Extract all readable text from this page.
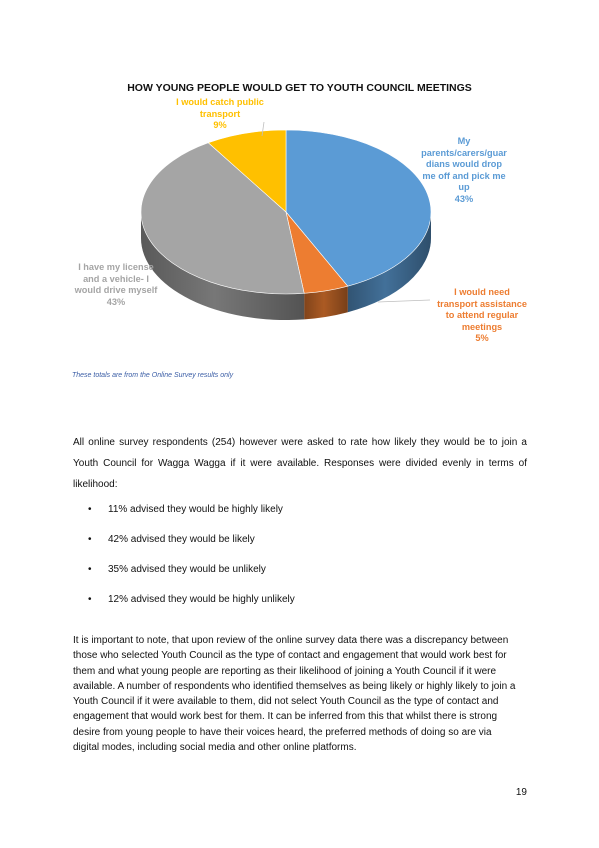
HOW YOUNG PEOPLE WOULD GET TO YOUTH COUNCIL MEETINGS
My
parents/carers/guar
dians would drop
me off and pick me
up
43%
I would need
transport assistance
to attend regular
meetings
5%
I have my license
and a vehicle- I
would drive myself
43%
I would catch public
transport
9%
These totals are from the Online Survey results only
All online survey respondents (254) however were asked to rate how likely they would be to join a Youth Council for Wagga Wagga if it were available. Responses were divided evenly in terms of likelihood:
• 11% advised they would be highly likely
• 42% advised they would be likely
• 35% advised they would be unlikely
• 12% advised they would be highly unlikely
It is important to note, that upon review of the online survey data there was a discrepancy between
those who selected Youth Council as the type of contact and engagement that would work best for
them and what young people are reporting as their likelihood of joining a Youth Council if it were
available. A number of respondents who identified themselves as being likely or highly likely to join a
Youth Council if it were available to them, did not select Youth Council as the type of contact and
engagement that would work best for them. It can be inferred from this that whilst there is strong
desire from young people to have their voices heard, the preferred methods of doing so are via
digital modes, including social media and other online platforms.
19
